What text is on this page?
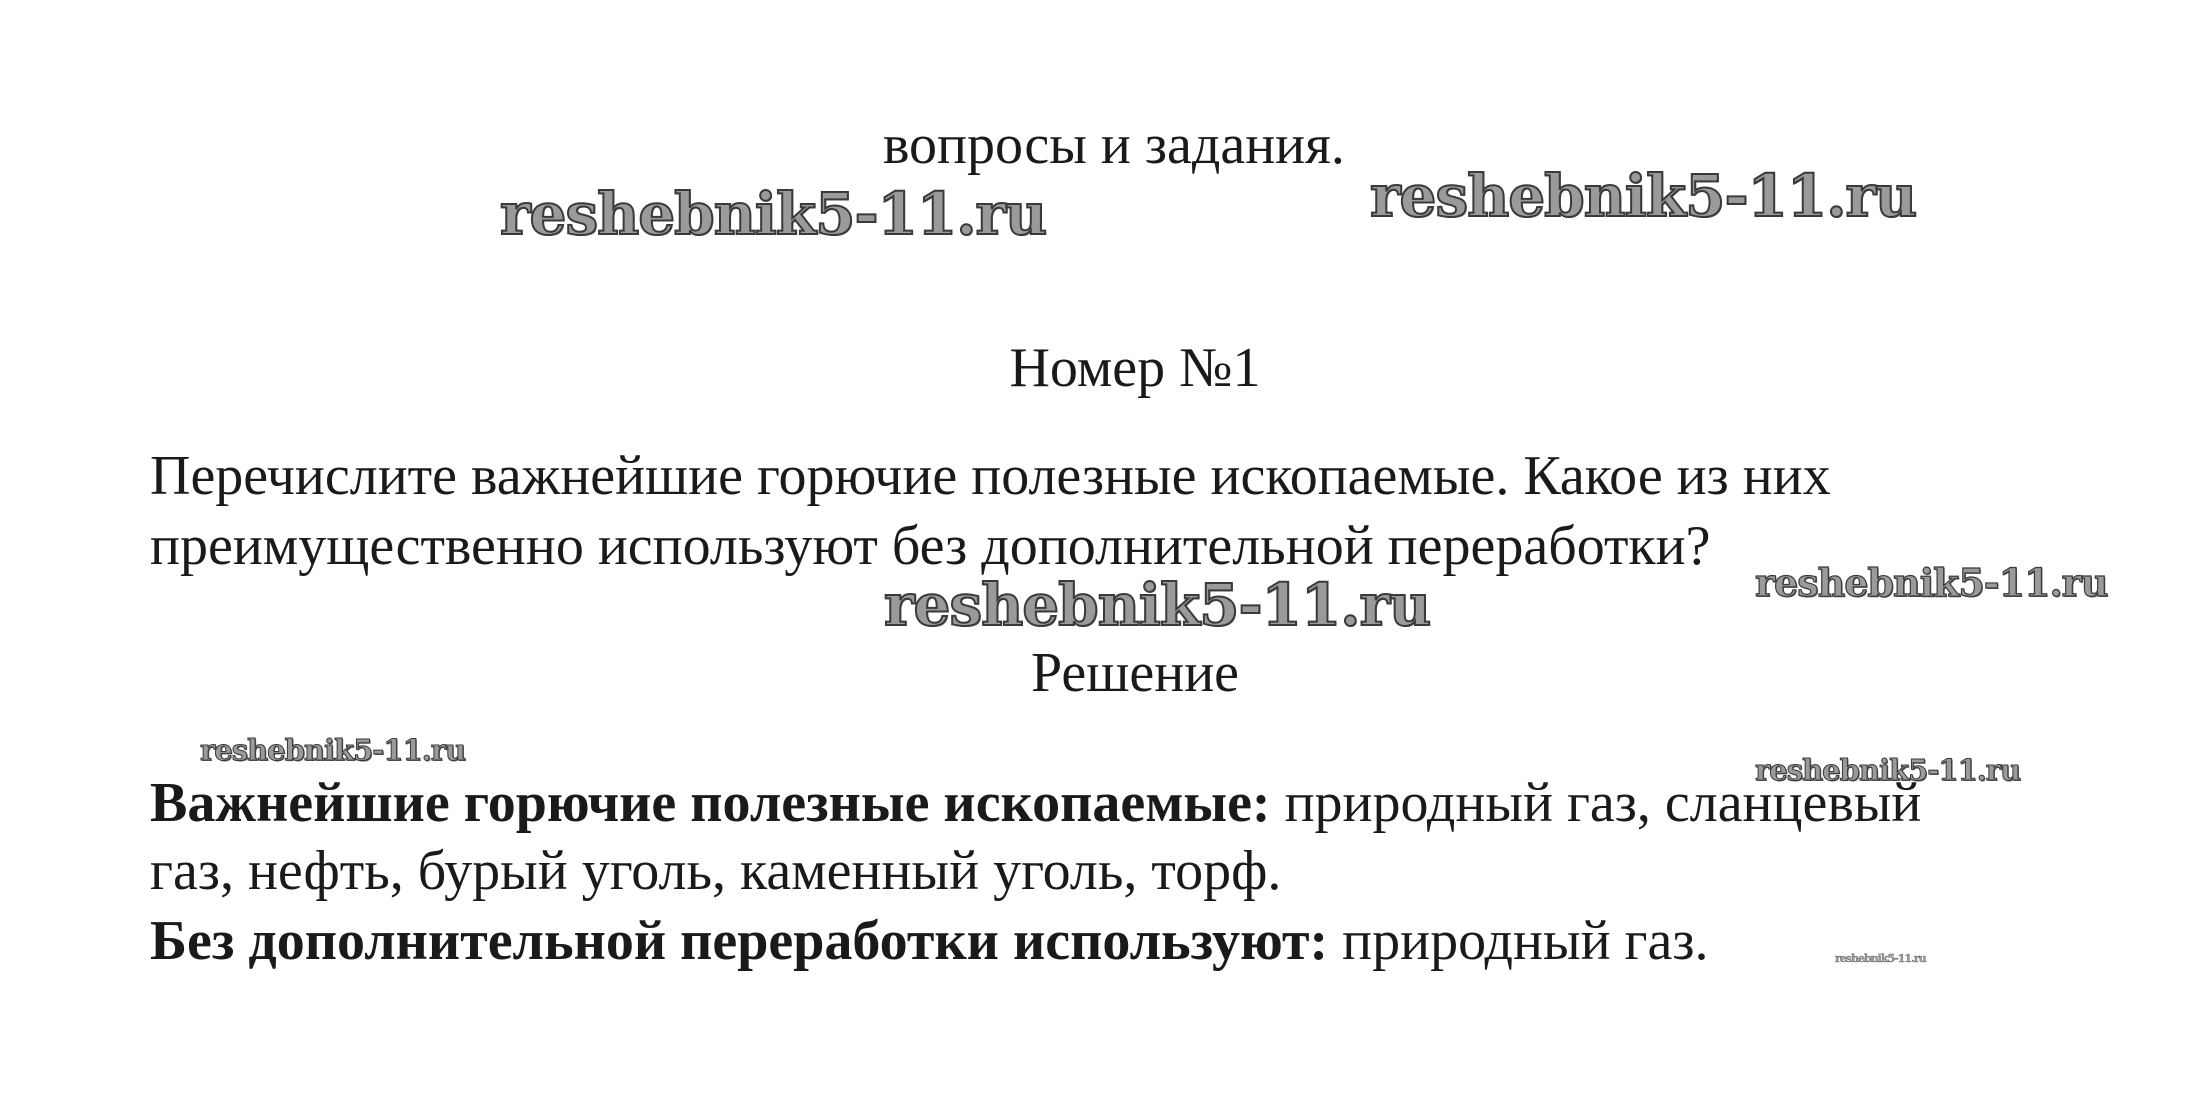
вопросы и задания.
reshebnik5-11.ru	reshebnik5-11.ru
Номер №1
Перечислите важнейшие горючие полезные ископаемые. Какое из них
преимущественно используют без дополнительной переработки?
reshebnik5-11.ru
reshebnik5-11.ru
Решение
reshebnik5-11.ru
reshebnik5-11.ru
Важнейшие горючие полезные ископаемые: природный газ, сланцевый
газ, нефть, бурый уголь, каменный уголь, торф.
Без дополнительной переработки используют: природный газ.	reshebnik5-11.ru
